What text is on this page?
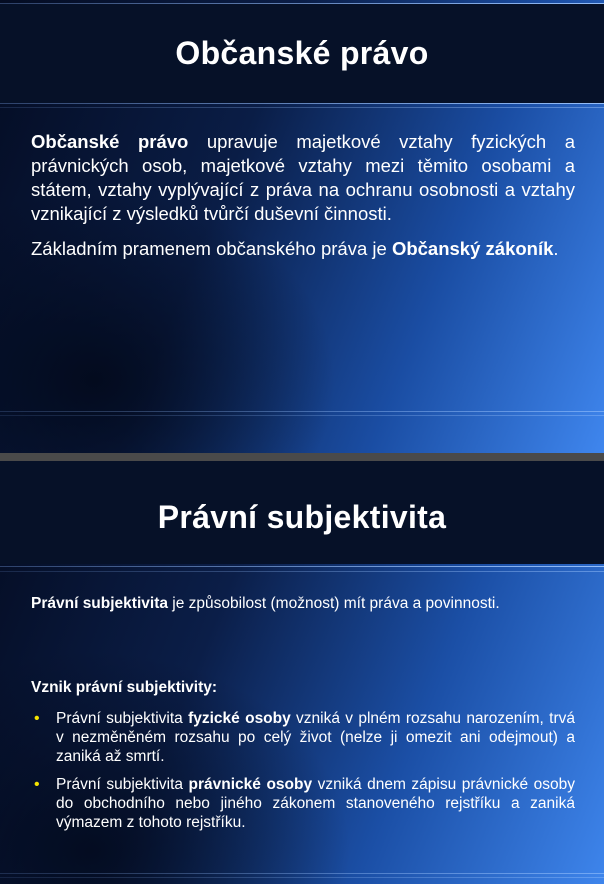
Občanské právo

Občanské právo upravuje majetkové vztahy fyzických a právnických osob, majetkové vztahy mezi těmito osobami a státem, vztahy vyplývající z práva na ochranu osobnosti a vztahy vznikající z výsledků tvůrčí duševní činnosti.

Základním pramenem občanského práva je Občanský zákoník.

Právní subjektivita

Právní subjektivita je způsobilost (možnost) mít práva a povinnosti.

Vznik právní subjektivity:

• Právní subjektivita fyzické osoby vzniká v plném rozsahu narozením, trvá v nezměněném rozsahu po celý život (nelze ji omezit ani odejmout) a zaniká až smrtí.
• Právní subjektivita právnické osoby vzniká dnem zápisu právnické osoby do obchodního nebo jiného zákonem stanoveného rejstříku a zaniká výmazem z tohoto rejstříku.
